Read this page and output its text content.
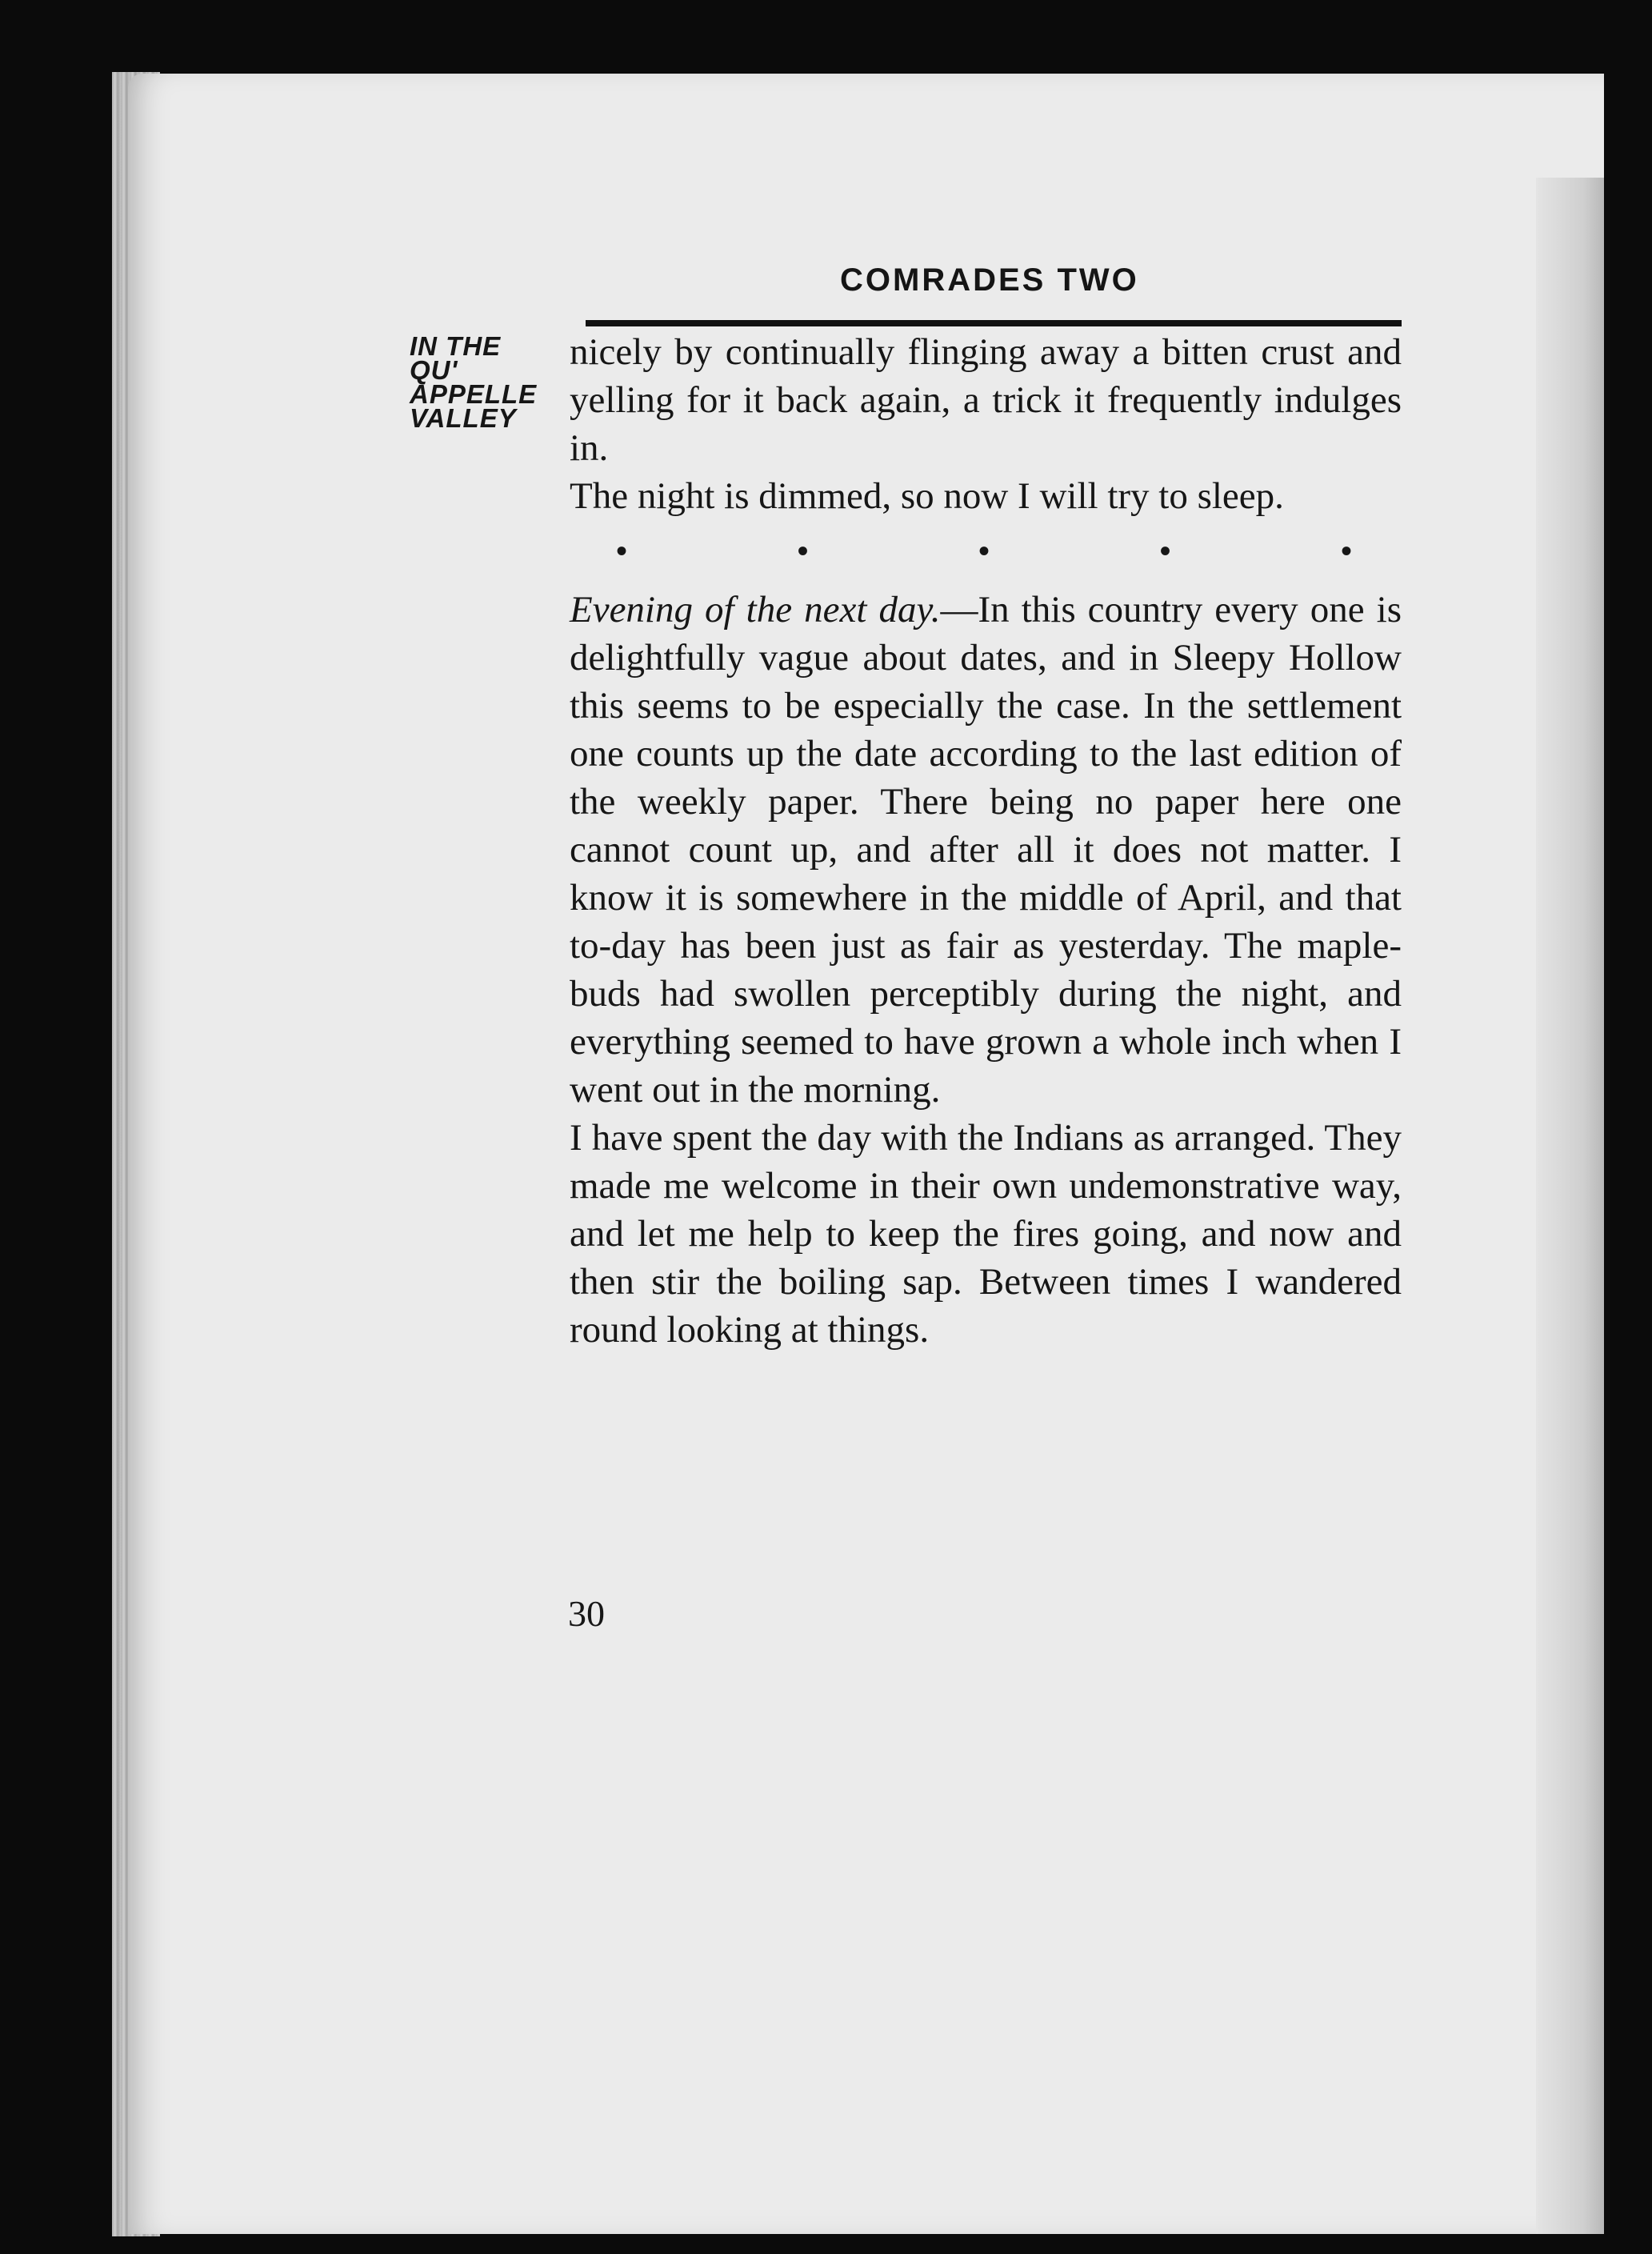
COMRADES TWO
IN THE
QU'
APPELLE
VALLEY

nicely by continually flinging away a bitten crust and yelling for it back again, a trick it frequently indulges in.

The night is dimmed, so now I will try to sleep.

•	•	•	•	•

Evening of the next day.—In this country every one is delightfully vague about dates, and in Sleepy Hollow this seems to be especially the case. In the settlement one counts up the date according to the last edition of the weekly paper. There being no paper here one cannot count up, and after all it does not matter. I know it is somewhere in the middle of April, and that to-day has been just as fair as yesterday. The maple-buds had swollen perceptibly during the night, and everything seemed to have grown a whole inch when I went out in the morning.

I have spent the day with the Indians as arranged. They made me welcome in their own undemonstrative way, and let me help to keep the fires going, and now and then stir the boiling sap. Between times I wandered round looking at things.

30
